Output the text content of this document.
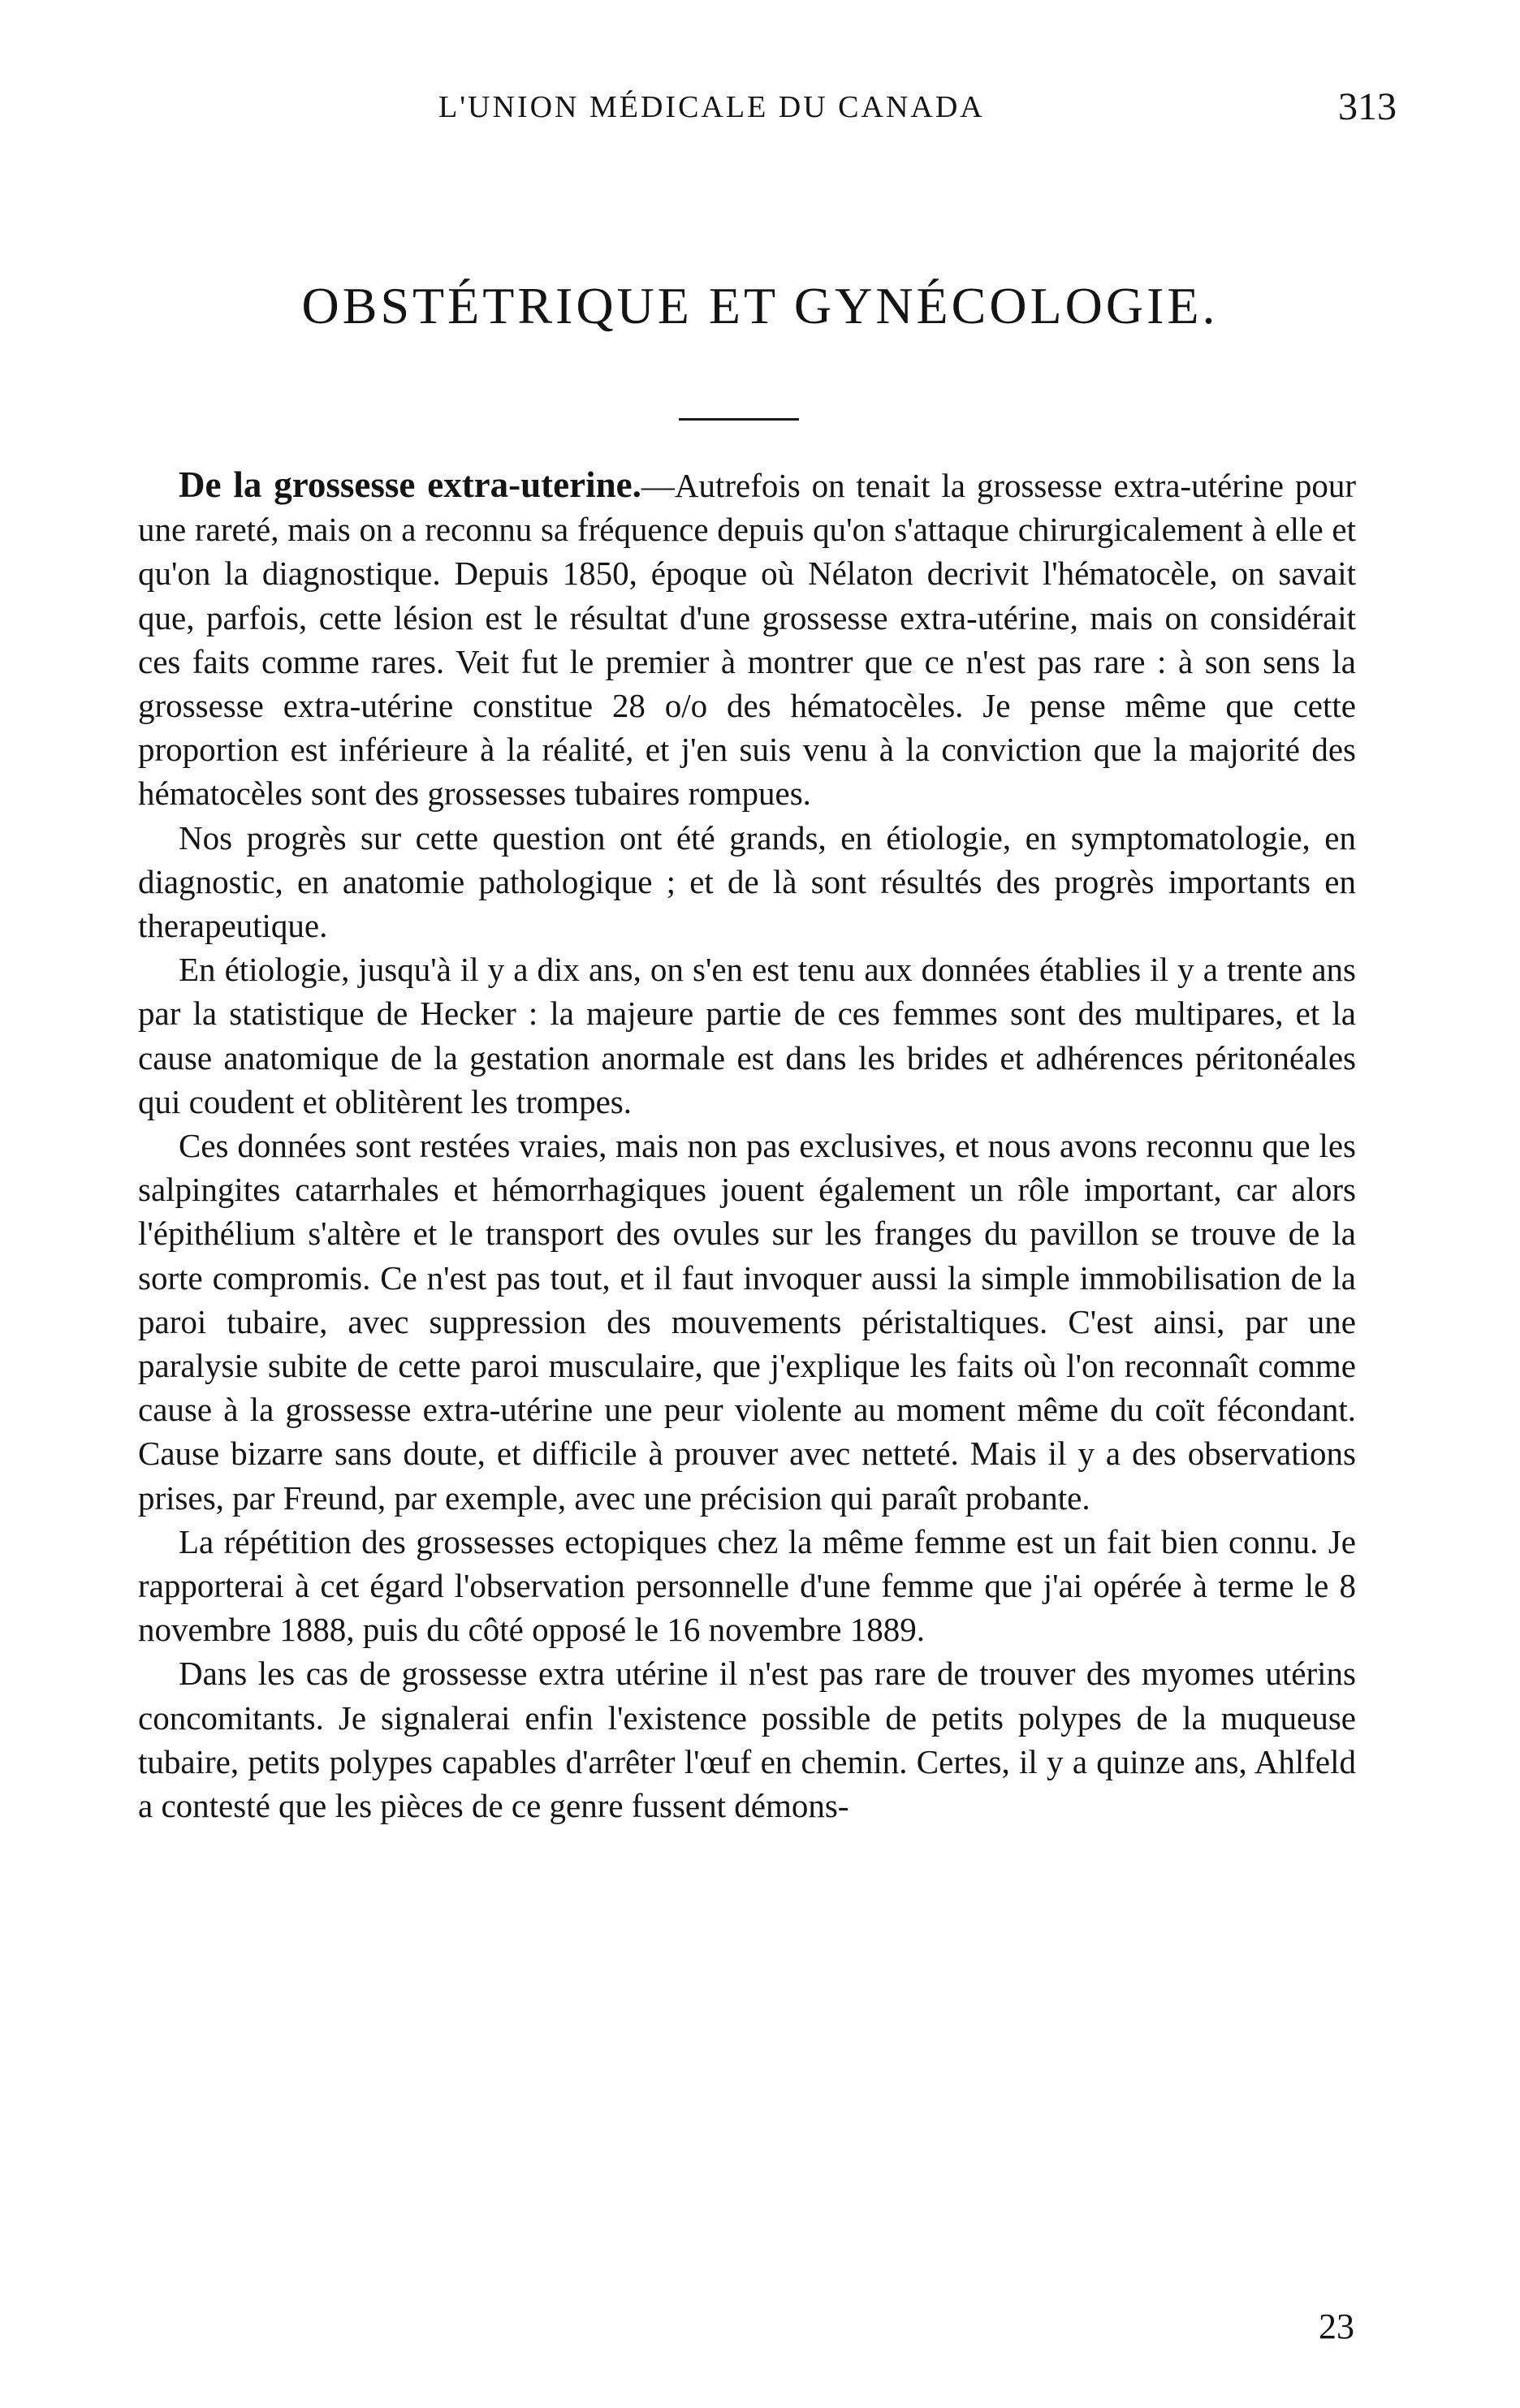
L'UNION MÉDICALE DU CANADA	313
OBSTÉTRIQUE ET GYNÉCOLOGIE.

De la grossesse extra-uterine.—Autrefois on tenait la grossesse extra-utérine pour une rareté, mais on a reconnu sa fréquence depuis qu'on s'attaque chirurgicalement à elle et qu'on la diagnostique. Depuis 1850, époque où Nélaton decrivit l'hématocèle, on savait que, parfois, cette lésion est le résultat d'une grossesse extra-utérine, mais on considérait ces faits comme rares. Veit fut le premier à montrer que ce n'est pas rare : à son sens la grossesse extra-utérine constitue 28 o/o des hématocèles. Je pense même que cette proportion est inférieure à la réalité, et j'en suis venu à la conviction que la majorité des hématocèles sont des grossesses tubaires rompues.

Nos progrès sur cette question ont été grands, en étiologie, en symptomatologie, en diagnostic, en anatomie pathologique ; et de là sont résultés des progrès importants en therapeutique.

En étiologie, jusqu'à il y a dix ans, on s'en est tenu aux données établies il y a trente ans par la statistique de Hecker : la majeure partie de ces femmes sont des multipares, et la cause anatomique de la gestation anormale est dans les brides et adhérences péritonéales qui coudent et oblitèrent les trompes.

Ces données sont restées vraies, mais non pas exclusives, et nous avons reconnu que les salpingites catarrhales et hémorrhagiques jouent également un rôle important, car alors l'épithélium s'altère et le transport des ovules sur les franges du pavillon se trouve de la sorte compromis. Ce n'est pas tout, et il faut invoquer aussi la simple immobilisation de la paroi tubaire, avec suppression des mouvements péristaltiques. C'est ainsi, par une paralysie subite de cette paroi musculaire, que j'explique les faits où l'on reconnaît comme cause à la grossesse extra-utérine une peur violente au moment même du coït fécondant. Cause bizarre sans doute, et difficile à prouver avec netteté. Mais il y a des observations prises, par Freund, par exemple, avec une précision qui paraît probante.

La répétition des grossesses ectopiques chez la même femme est un fait bien connu. Je rapporterai à cet égard l'observation personnelle d'une femme que j'ai opérée à terme le 8 novembre 1888, puis du côté opposé le 16 novembre 1889.

Dans les cas de grossesse extra utérine il n'est pas rare de trouver des myomes utérins concomitants. Je signalerai enfin l'existence possible de petits polypes de la muqueuse tubaire, petits polypes capables d'arrêter l'œuf en chemin. Certes, il y a quinze ans, Ahlfeld a contesté que les pièces de ce genre fussent démons-

23
